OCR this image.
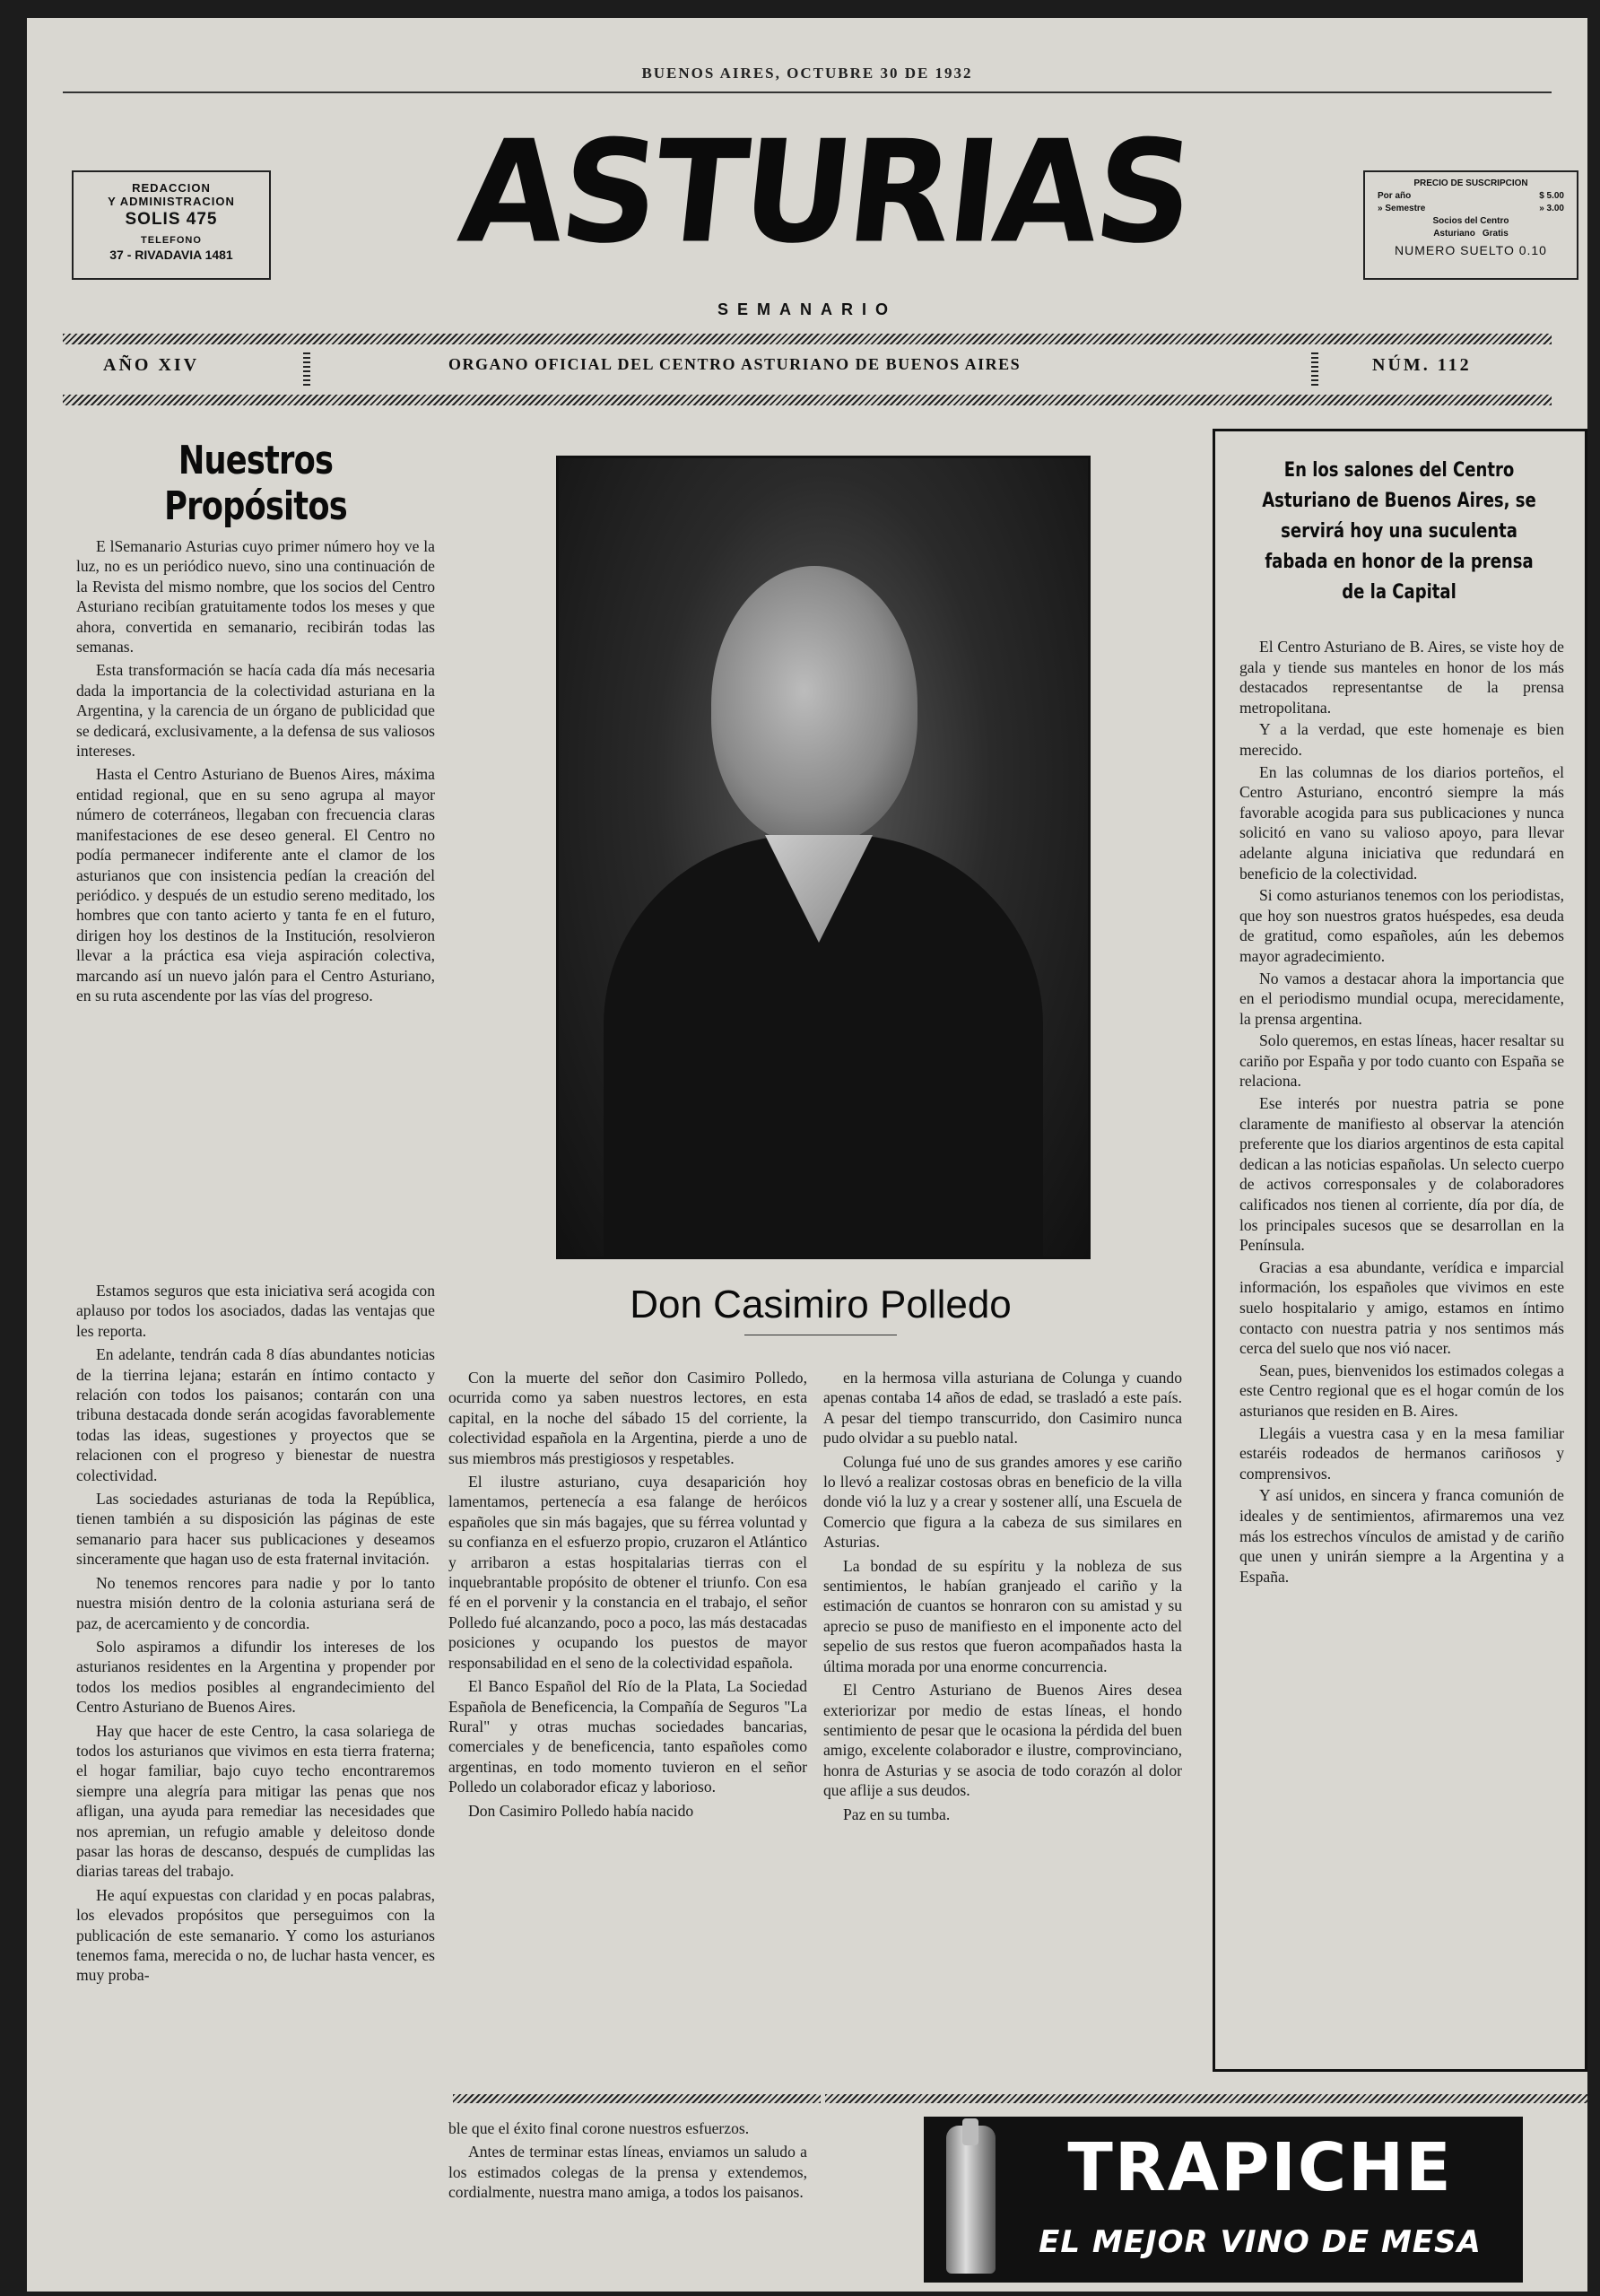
BUENOS AIRES, OCTUBRE 30 DE 1932
REDACCION
Y ADMINISTRACION
SOLIS 475
TELEFONO
37 - RIVADAVIA 1481	ASTURIAS	PRECIO DE SUSCRIPCION
Por año	$ 5.00
» Semestre	» 3.00
Socios del Centro
Asturiano Gratis
NUMERO SUELTO 0.10
SEMANARIO
AÑO XIV	ORGANO OFICIAL DEL CENTRO ASTURIANO DE BUENOS AIRES	NÚM. 112
Nuestros Propósitos

E lSemanario Asturias cuyo primer número hoy ve la luz, no es un periódico nuevo, sino una continuación de la Revista del mismo nombre, que los socios del Centro Asturiano recibían gratuitamente todos los meses y que ahora, convertida en semanario, recibirán todas las semanas.

Esta transformación se hacía cada día más necesaria dada la importancia de la colectividad asturiana en la Argentina, y la carencia de un órgano de publicidad que se dedicará, exclusivamente, a la defensa de sus valiosos intereses.

Hasta el Centro Asturiano de Buenos Aires, máxima entidad regional, que en su seno agrupa al mayor número de coterráneos, llegaban con frecuencia claras manifestaciones de ese deseo general. El Centro no podía permanecer indiferente ante el clamor de los asturianos que con insistencia pedían la creación del periódico. y después de un estudio sereno meditado, los hombres que con tanto acierto y tanta fe en el futuro, dirigen hoy los destinos de la Institución, resolvieron llevar a la práctica esa vieja aspiración colectiva, marcando así un nuevo jalón para el Centro Asturiano, en su ruta ascendente por las vías del progreso.

Estamos seguros que esta iniciativa será acogida con aplauso por todos los asociados, dadas las ventajas que les reporta.

En adelante, tendrán cada 8 días abundantes noticias de la tierrina lejana; estarán en íntimo contacto y relación con todos los paisanos; contarán con una tribuna destacada donde serán acogidas favorablemente todas las ideas, sugestiones y proyectos que se relacionen con el progreso y bienestar de nuestra colectividad.

Las sociedades asturianas de toda la República, tienen también a su disposición las páginas de este semanario para hacer sus publicaciones y deseamos sinceramente que hagan uso de esta fraternal invitación.

No tenemos rencores para nadie y por lo tanto nuestra misión dentro de la colonia asturiana será de paz, de acercamiento y de concordia.

Solo aspiramos a difundir los intereses de los asturianos residentes en la Argentina y propender por todos los medios posibles al engrandecimiento del Centro Asturiano de Buenos Aires.

Hay que hacer de este Centro, la casa solariega de todos los asturianos que vivimos en esta tierra fraterna; el hogar familiar, bajo cuyo techo encontraremos siempre una alegría para mitigar las penas que nos afligan, una ayuda para remediar las necesidades que nos apremian, un refugio amable y deleitoso donde pasar las horas de descanso, después de cumplidas las diarias tareas del trabajo.

He aquí expuestas con claridad y en pocas palabras, los elevados propósitos que perseguimos con la publicación de este semanario. Y como los asturianos tenemos fama, merecida o no, de luchar hasta vencer, es muy proba-

Don Casimiro Polledo

Con la muerte del señor don Casimiro Polledo, ocurrida como ya saben nuestros lectores, en esta capital, en la noche del sábado 15 del corriente, la colectividad española en la Argentina, pierde a uno de sus miembros más prestigiosos y respetables.

El ilustre asturiano, cuya desaparición hoy lamentamos, pertenecía a esa falange de heróicos españoles que sin más bagajes, que su férrea voluntad y su confianza en el esfuerzo propio, cruzaron el Atlántico y arribaron a estas hospitalarias tierras con el inquebrantable propósito de obtener el triunfo. Con esa fé en el porvenir y la constancia en el trabajo, el señor Polledo fué alcanzando, poco a poco, las más destacadas posiciones y ocupando los puestos de mayor responsabilidad en el seno de la colectividad española.

El Banco Español del Río de la Plata, La Sociedad Española de Beneficencia, la Compañía de Seguros "La Rural" y otras muchas sociedades bancarias, comerciales y de beneficencia, tanto españoles como argentinas, en todo momento tuvieron en el señor Polledo un colaborador eficaz y laborioso.

Don Casimiro Polledo había nacido

en la hermosa villa asturiana de Colunga y cuando apenas contaba 14 años de edad, se trasladó a este país. A pesar del tiempo transcurrido, don Casimiro nunca pudo olvidar a su pueblo natal.

Colunga fué uno de sus grandes amores y ese cariño lo llevó a realizar costosas obras en beneficio de la villa donde vió la luz y a crear y sostener allí, una Escuela de Comercio que figura a la cabeza de sus similares en Asturias.

La bondad de su espíritu y la nobleza de sus sentimientos, le habían granjeado el cariño y la estimación de cuantos se honraron con su amistad y su aprecio se puso de manifiesto en el imponente acto del sepelio de sus restos que fueron acompañados hasta la última morada por una enorme concurrencia.

El Centro Asturiano de Buenos Aires desea exteriorizar por medio de estas líneas, el hondo sentimiento de pesar que le ocasiona la pérdida del buen amigo, excelente colaborador e ilustre, comprovinciano, honra de Asturias y se asocia de todo corazón al dolor que aflije a sus deudos.

Paz en su tumba.

ble que el éxito final corone nuestros esfuerzos.

Antes de terminar estas líneas, enviamos un saludo a los estimados colegas de la prensa y extendemos, cordialmente, nuestra mano amiga, a todos los paisanos.

En los salones del Centro Asturiano de Buenos Aires, se servirá hoy una suculenta fabada en honor de la prensa de la Capital

El Centro Asturiano de B. Aires, se viste hoy de gala y tiende sus manteles en honor de los más destacados representantse de la prensa metropolitana.

Y a la verdad, que este homenaje es bien merecido.

En las columnas de los diarios porteños, el Centro Asturiano, encontró siempre la más favorable acogida para sus publicaciones y nunca solicitó en vano su valioso apoyo, para llevar adelante alguna iniciativa que redundará en beneficio de la colectividad.

Si como asturianos tenemos con los periodistas, que hoy son nuestros gratos huéspedes, esa deuda de gratitud, como españoles, aún les debemos mayor agradecimiento.

No vamos a destacar ahora la importancia que en el periodismo mundial ocupa, merecidamente, la prensa argentina.

Solo queremos, en estas líneas, hacer resaltar su cariño por España y por todo cuanto con España se relaciona.

Ese interés por nuestra patria se pone claramente de manifiesto al observar la atención preferente que los diarios argentinos de esta capital dedican a las noticias españolas. Un selecto cuerpo de activos corresponsales y de colaboradores calificados nos tienen al corriente, día por día, de los principales sucesos que se desarrollan en la Península.

Gracias a esa abundante, verídica e imparcial información, los españoles que vivimos en este suelo hospitalario y amigo, estamos en íntimo contacto con nuestra patria y nos sentimos más cerca del suelo que nos vió nacer.

Sean, pues, bienvenidos los estimados colegas a este Centro regional que es el hogar común de los asturianos que residen en B. Aires.

Llegáis a vuestra casa y en la mesa familiar estaréis rodeados de hermanos cariñosos y comprensivos.

Y así unidos, en sincera y franca comunión de ideales y de sentimientos, afirmaremos una vez más los estrechos vínculos de amistad y de cariño que unen y unirán siempre a la Argentina y a España.

TRAPICHE
EL MEJOR VINO DE MESA
